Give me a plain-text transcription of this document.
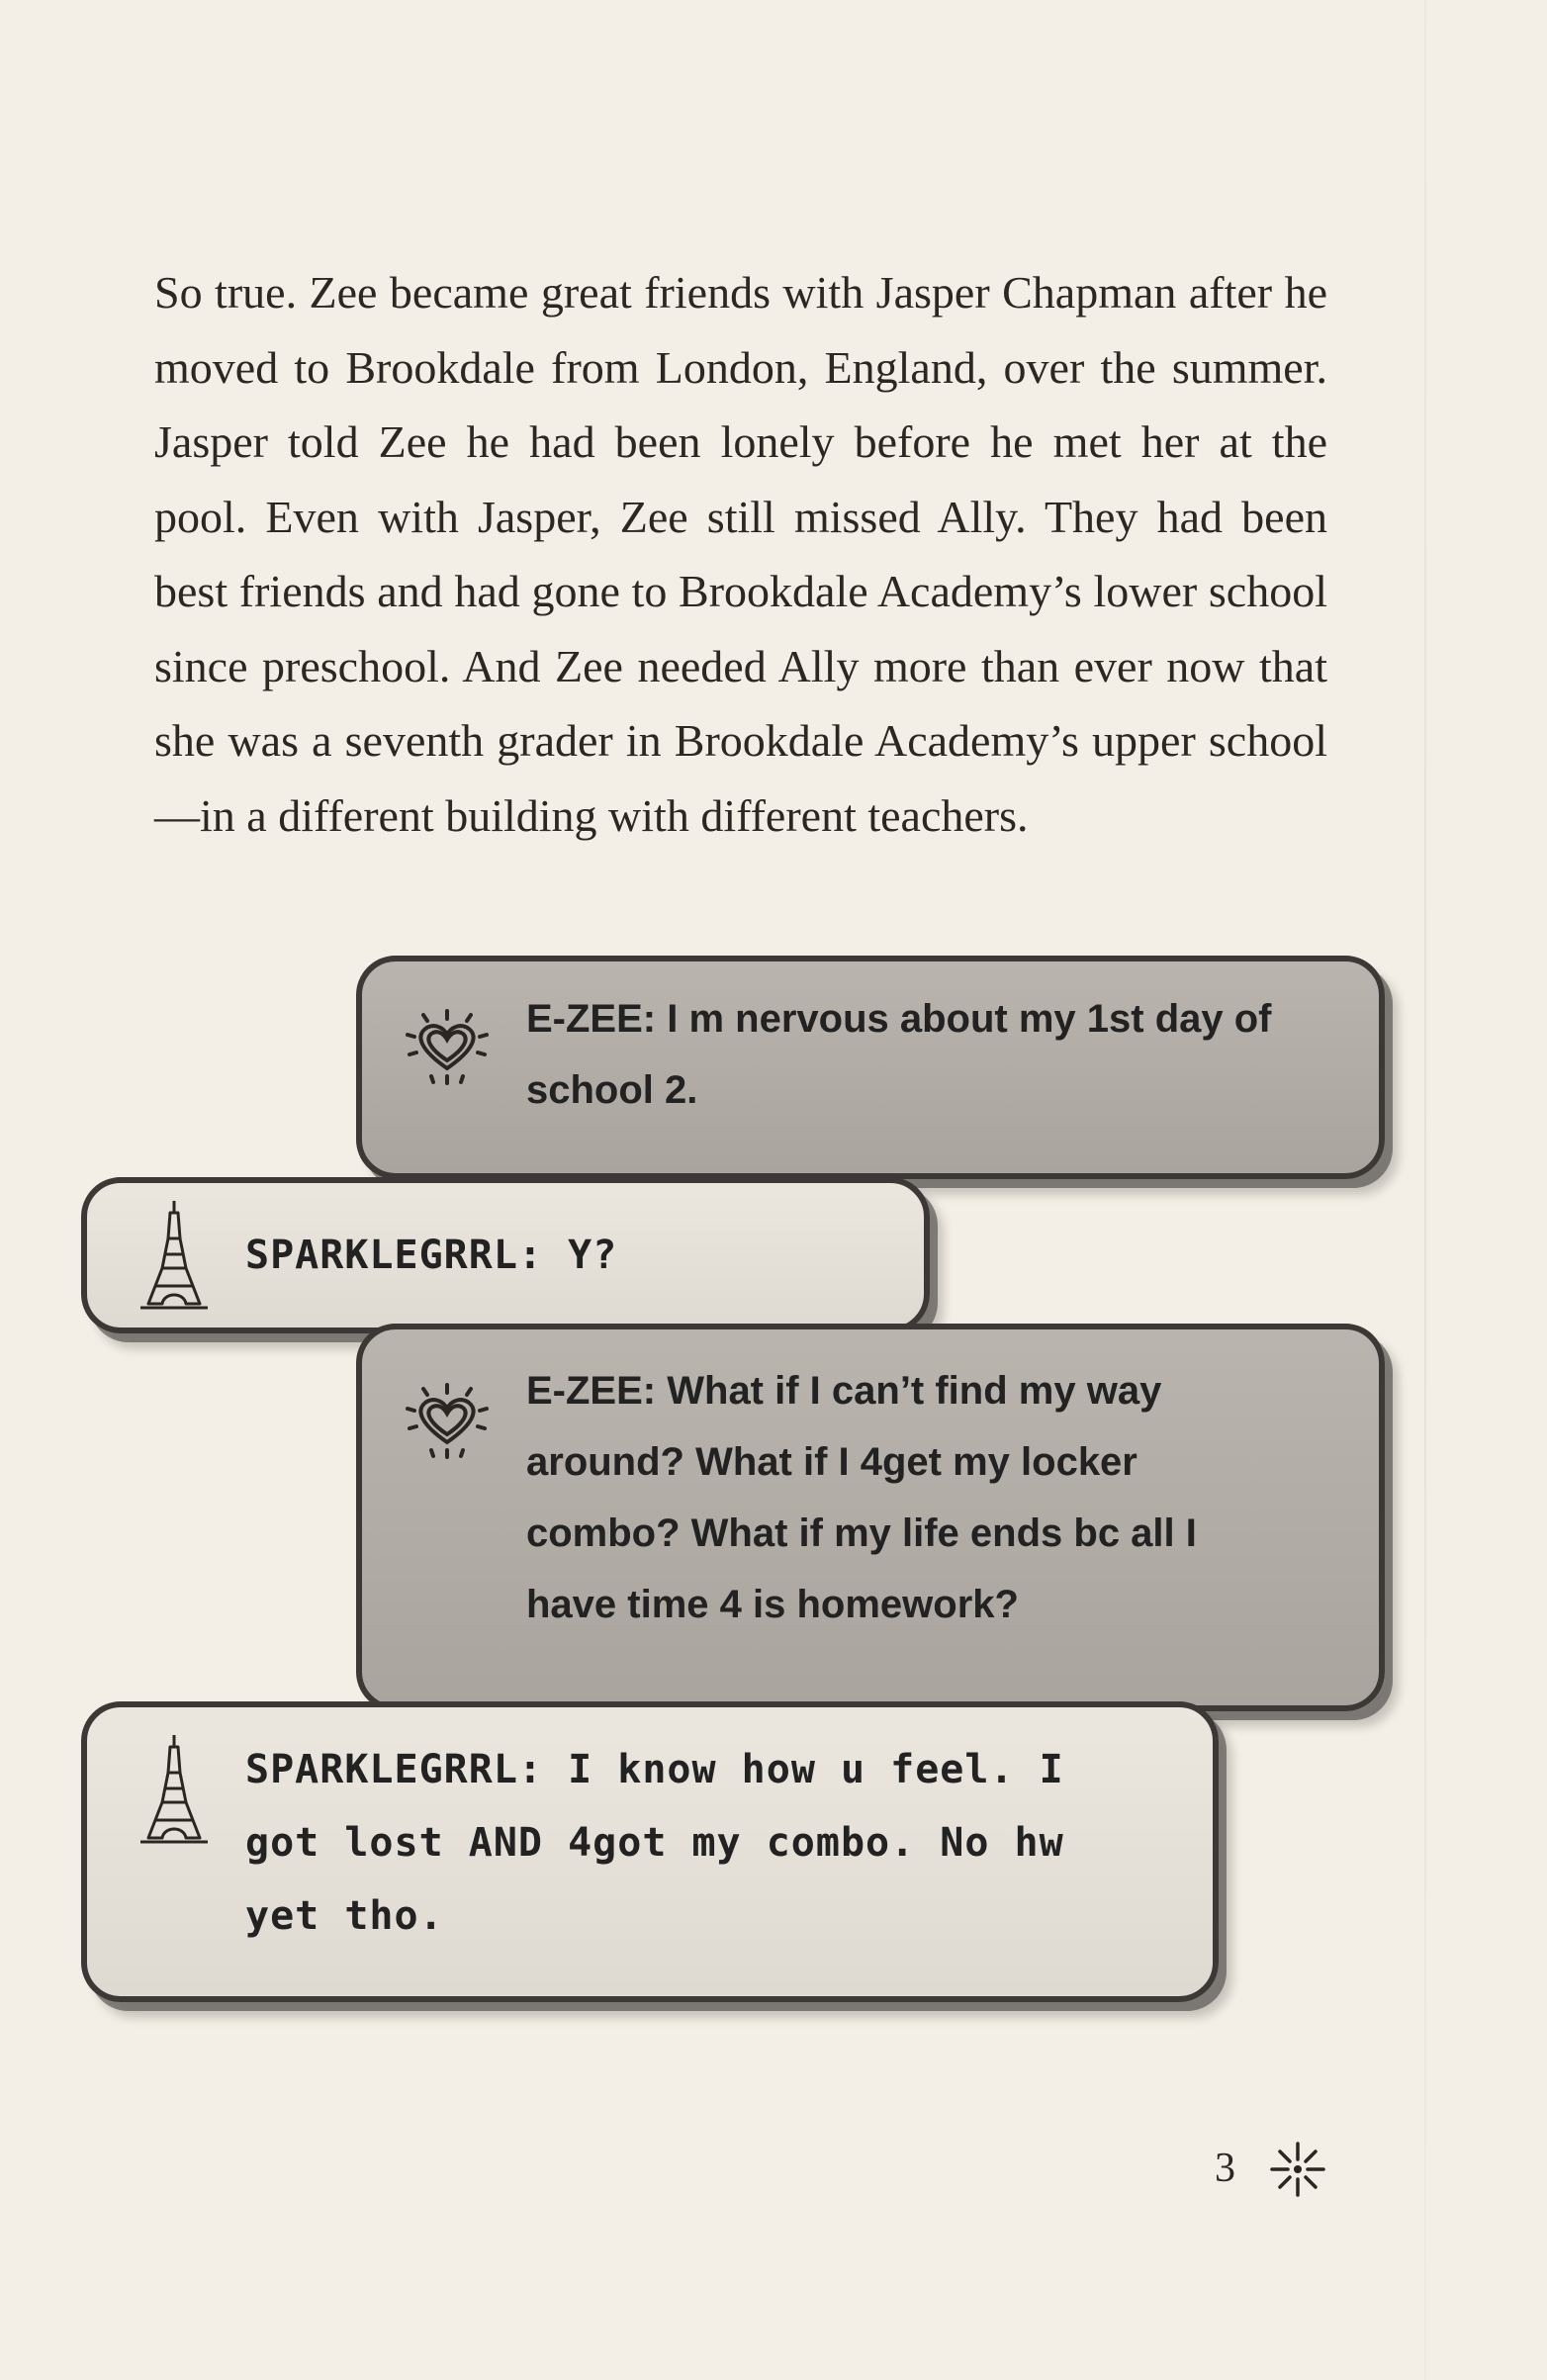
So true. Zee became great friends with Jasper Chapman after he moved to Brookdale from London, England, over the summer. Jasper told Zee he had been lonely before he met her at the pool. Even with Jasper, Zee still missed Ally. They had been best friends and had gone to Brookdale Academy’s lower school since preschool. And Zee needed Ally more than ever now that she was a seventh grader in Brookdale Academy’s upper school—in a different building with different teachers.

E-ZEE: I m nervous about my 1st day of school 2.

SPARKLEGRRL: Y?

E-ZEE: What if I can’t find my way around? What if I 4get my locker combo? What if my life ends bc all I have time 4 is homework?

SPARKLEGRRL: I know how u feel. I got lost AND 4got my combo. No hw yet tho.

3
